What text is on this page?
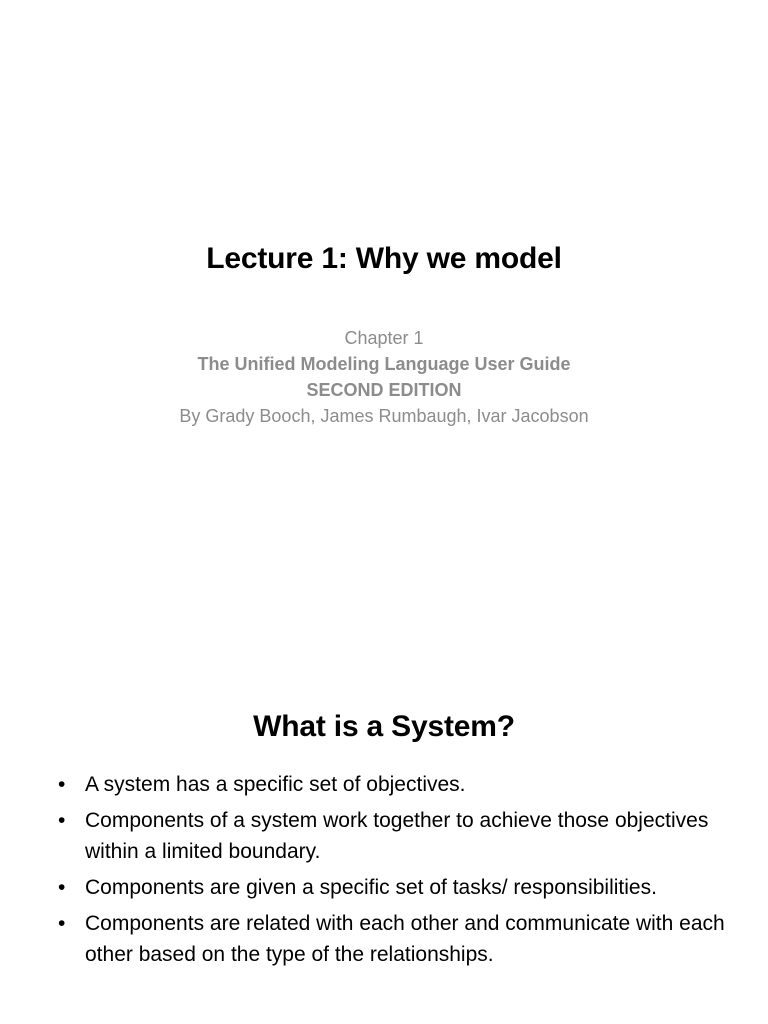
Lecture 1: Why we model
Chapter 1
The Unified Modeling Language User Guide
SECOND EDITION
By Grady Booch, James Rumbaugh, Ivar Jacobson
What is a System?
• A system has a specific set of objectives.
• Components of a system work together to achieve those objectives within a limited boundary.
• Components are given a specific set of tasks/ responsibilities.
• Components are related with each other and communicate with each other based on the type of the relationships.
